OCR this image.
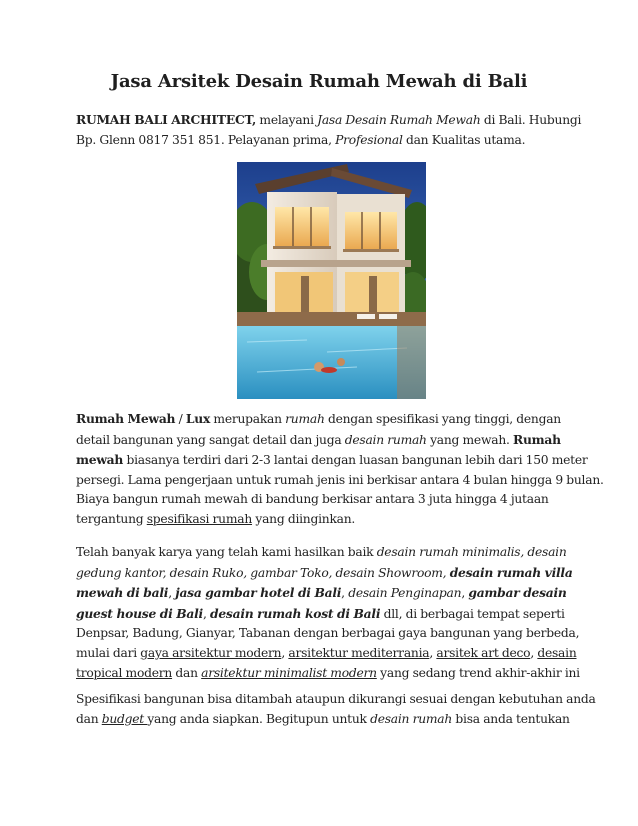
Jasa Arsitek Desain Rumah Mewah di Bali
RUMAH BALI ARCHITECT, melayani Jasa Desain Rumah Mewah di Bali. Hubungi
Bp. Glenn 0817 351 851. Pelayanan prima, Profesional dan Kualitas utama.
Rumah Mewah / Lux merupakan rumah dengan spesifikasi yang tinggi, dengan
detail bangunan yang sangat detail dan juga desain rumah yang mewah. Rumah
mewah biasanya terdiri dari 2-3 lantai dengan luasan bangunan lebih dari 150 meter
persegi. Lama pengerjaan untuk rumah jenis ini berkisar antara 4 bulan hingga 9 bulan.
Biaya bangun rumah mewah di bandung berkisar antara 3 juta hingga 4 jutaan
tergantung spesifikasi rumah yang diinginkan.
Telah banyak karya yang telah kami hasilkan baik desain rumah minimalis, desain
gedung kantor, desain Ruko, gambar Toko, desain Showroom, desain rumah villa
mewah di bali, jasa gambar hotel di Bali, desain Penginapan, gambar desain
guest house di Bali, desain rumah kost di Bali dll, di berbagai tempat seperti
Denpsar, Badung, Gianyar, Tabanan dengan berbagai gaya bangunan yang berbeda,
mulai dari gaya arsitektur modern, arsitektur mediterrania, arsitek art deco, desain
tropical modern dan arsitektur minimalist modern yang sedang trend akhir-akhir ini
Spesifikasi bangunan bisa ditambah ataupun dikurangi sesuai dengan kebutuhan anda
dan budget yang anda siapkan. Begitupun untuk desain rumah bisa anda tentukan
